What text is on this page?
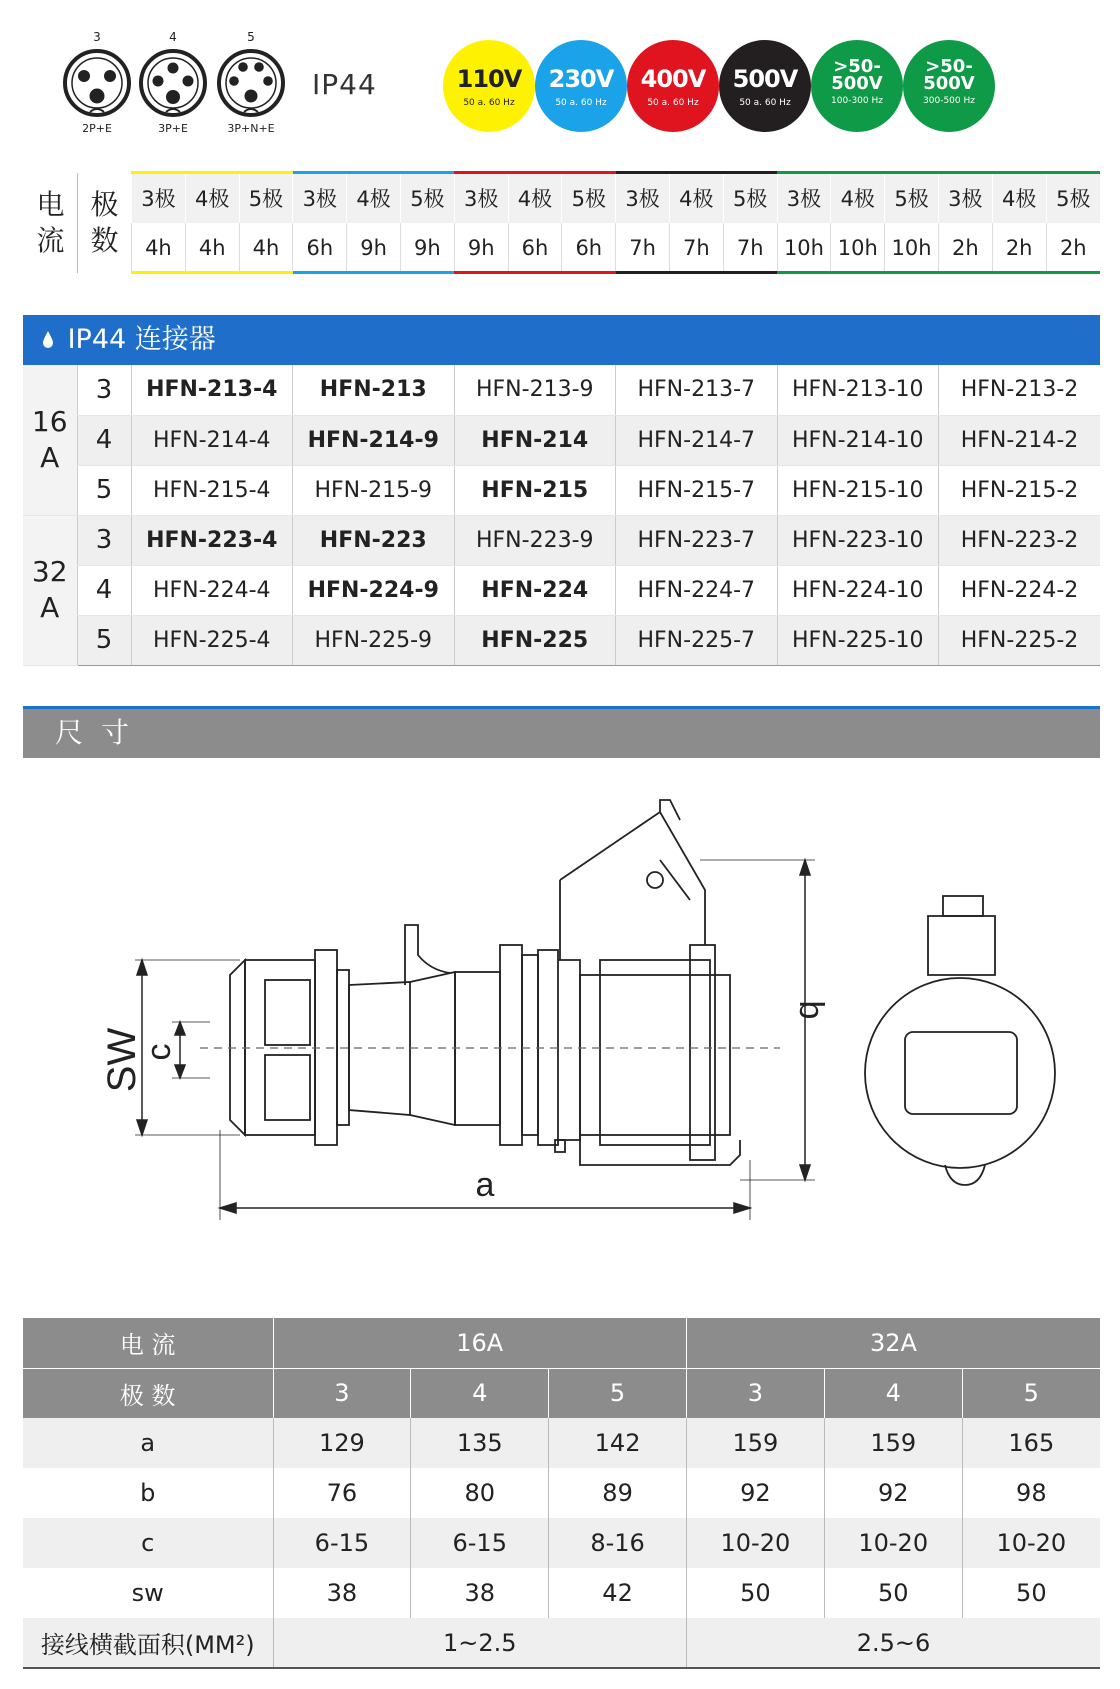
3
2P+E
4
3P+E
5
3P+N+E
IP44	110V
50 a. 60 Hz
230V
50 a. 60 Hz
400V
50 a. 60 Hz
500V
50 a. 60 Hz
>50-
500V
100-300 Hz
>50-
500V
300-500 Hz
电
流	极
数	3极	4极	5极	3极	4极	5极	3极	4极	5极	3极	4极	5极	3极	4极	5极	3极	4极	5极
		4h	4h	4h	6h	9h	9h	9h	6h	6h	7h	7h	7h	10h	10h	10h	2h	2h	2h
IP44 连接器
16
A	3	HFN-213-4	HFN-213	HFN-213-9	HFN-213-7	HFN-213-10	HFN-213-2
	4	HFN-214-4	HFN-214-9	HFN-214	HFN-214-7	HFN-214-10	HFN-214-2
	5	HFN-215-4	HFN-215-9	HFN-215	HFN-215-7	HFN-215-10	HFN-215-2
32
A	3	HFN-223-4	HFN-223	HFN-223-9	HFN-223-7	HFN-223-10	HFN-223-2
	4	HFN-224-4	HFN-224-9	HFN-224	HFN-224-7	HFN-224-10	HFN-224-2
	5	HFN-225-4	HFN-225-9	HFN-225	HFN-225-7	HFN-225-10	HFN-225-2
尺寸
SW
c
b
a
电 流	16A			32A		
极 数	3	4	5	3	4	5
a	129	135	142	159	159	165
b	76	80	89	92	92	98
c	6-15	6-15	8-16	10-20	10-20	10-20
sw	38	38	42	50	50	50
接线横截面积(MM²)	1~2.5			2.5~6		
